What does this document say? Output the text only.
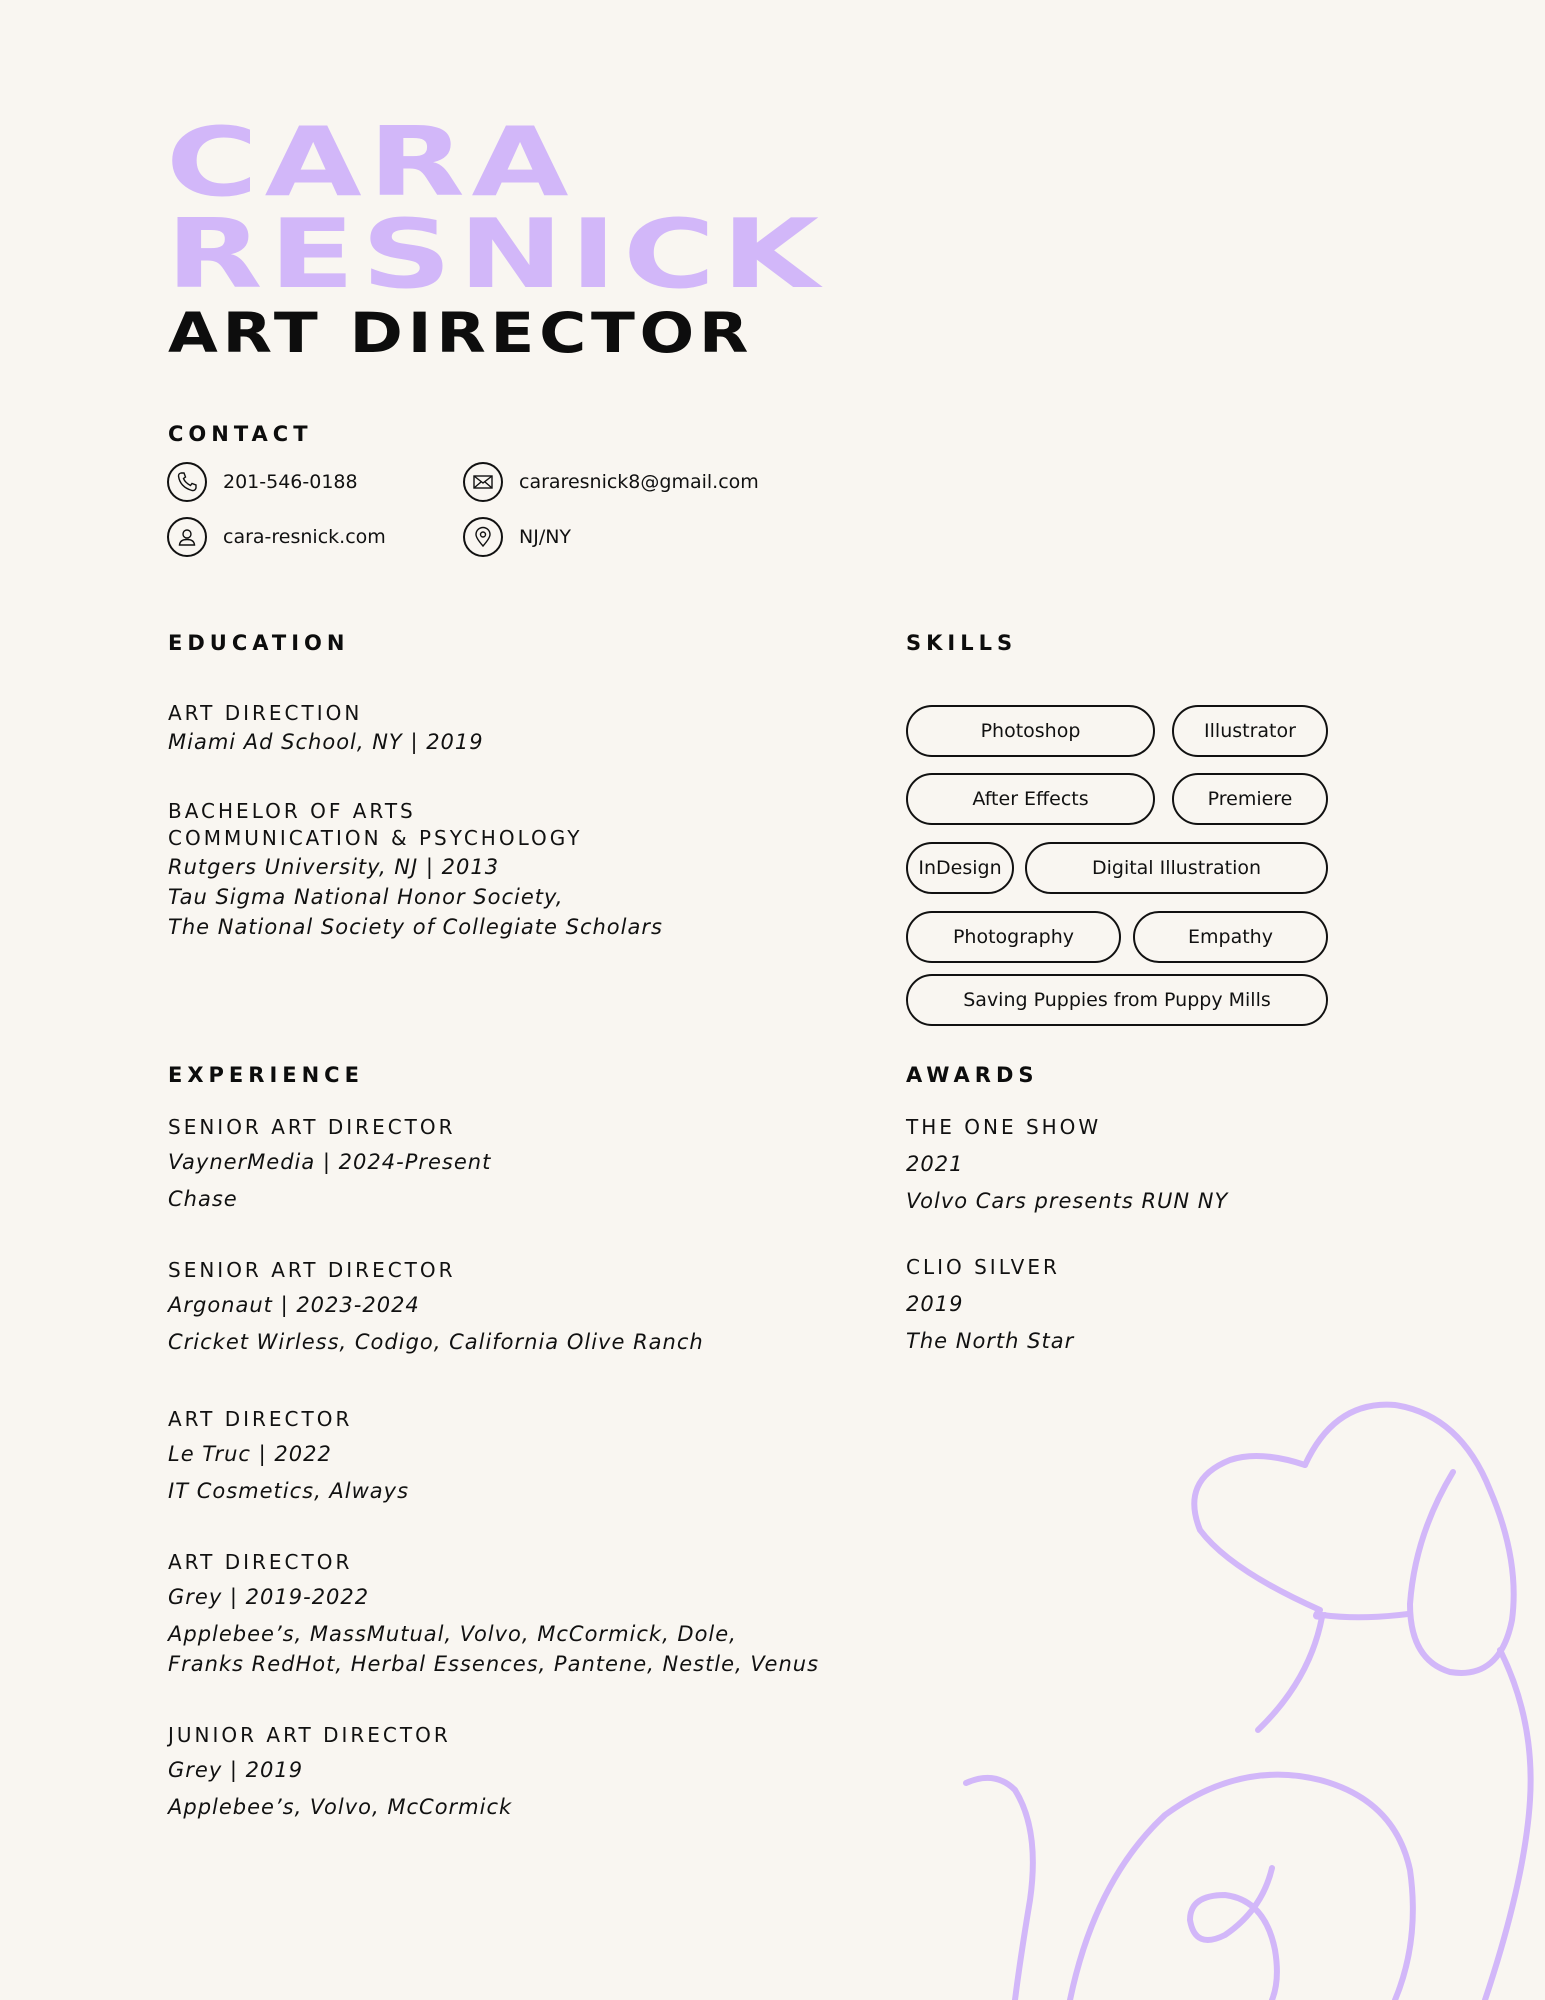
CARA
RESNICK
ART DIRECTOR
CONTACT
201-546-0188	cararesnick8@gmail.com
cara-resnick.com	NJ/NY
EDUCATION
ART DIRECTION
Miami Ad School, NY | 2019
BACHELOR OF ARTS
COMMUNICATION & PSYCHOLOGY
Rutgers University, NJ | 2013
Tau Sigma National Honor Society,
The National Society of Collegiate Scholars
SKILLS
Photoshop	Illustrator
After Effects	Premiere
InDesign	Digital Illustration
Photography	Empathy
Saving Puppies from Puppy Mills
EXPERIENCE
SENIOR ART DIRECTOR
VaynerMedia | 2024-Present
Chase
SENIOR ART DIRECTOR
Argonaut | 2023-2024
Cricket Wirless, Codigo, California Olive Ranch
ART DIRECTOR
Le Truc | 2022
IT Cosmetics, Always
ART DIRECTOR
Grey | 2019-2022
Applebee’s, MassMutual, Volvo, McCormick, Dole,
Franks RedHot, Herbal Essences, Pantene, Nestle, Venus
JUNIOR ART DIRECTOR
Grey | 2019
Applebee’s, Volvo, McCormick
AWARDS
THE ONE SHOW
2021
Volvo Cars presents RUN NY
CLIO SILVER
2019
The North Star
